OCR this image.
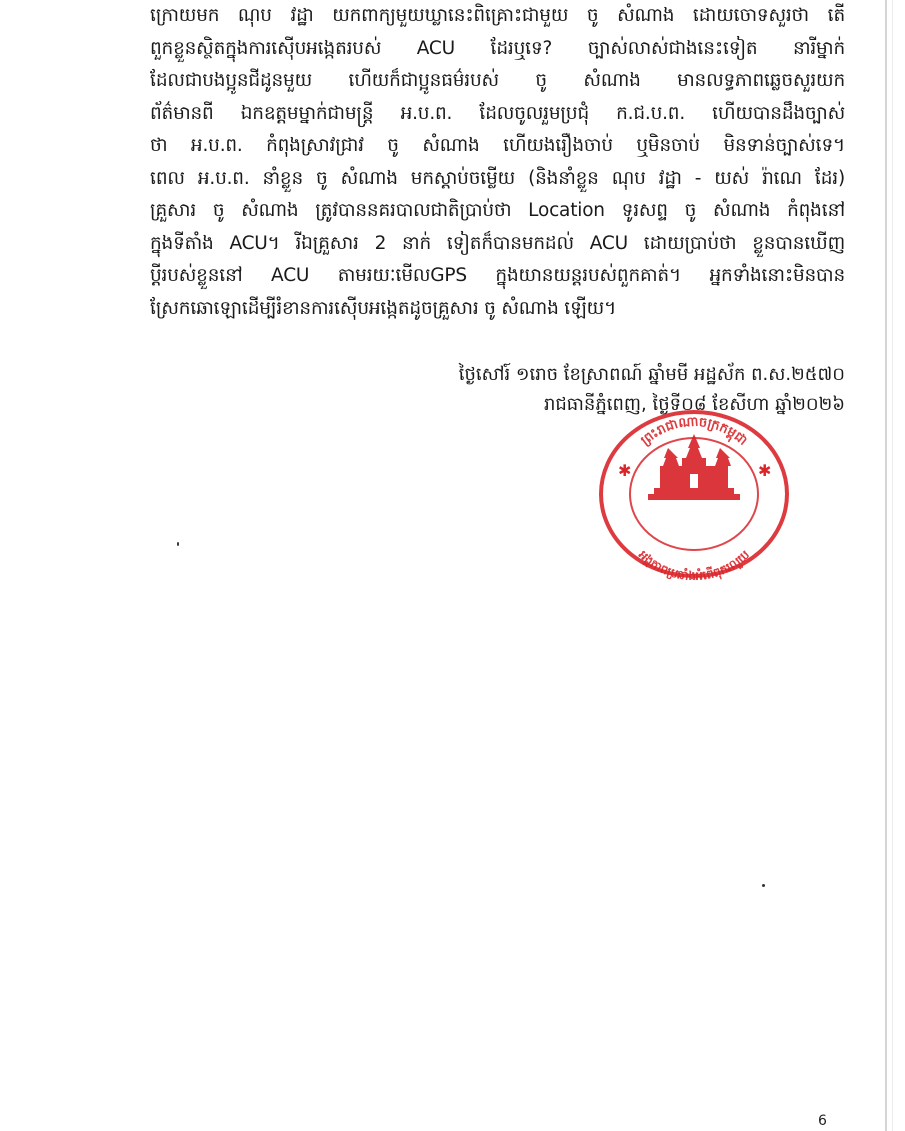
ក្រោយមក ណុប វដ្ឋា យកពាក្យមួយឃ្លានេះពិគ្រោះជាមួយ ចូ សំណាង ដោយចោទសួរថា តើ
ពួកខ្លួនស្ថិតក្នុងការស៊ើបអង្កេតរបស់ ACU ដែរឬទេ? ច្បាស់លាស់ជាងនេះទៀត នារីម្នាក់
ដែលជាបងប្អូនជីដូនមួយ ហើយក៏ជាប្អូនធម៌របស់ ចូ សំណាង មានលទ្ធភាពឆ្លេចសួរយក
ព័ត៌មានពី ឯកឧត្តមម្នាក់ជាមន្ត្រី អ.ប.ព. ដែលចូលរួមប្រជុំ ក.ជ.ប.ព. ហើយបានដឹងច្បាស់
ថា អ.ប.ព. កំពុងស្រាវជ្រាវ ចូ សំណាង ហើយងរឿងចាប់ ឬមិនចាប់ មិនទាន់ច្បាស់ទេ។
ពេល អ.ប.ព. នាំខ្លួន ចូ សំណាង មកស្តាប់ចម្លើយ (និងនាំខ្លួន ណុប វដ្ឋា - យស់ រ៉ាណេ ដែរ)
គ្រួសារ ចូ សំណាង ត្រូវបាននគរបាលជាតិប្រាប់ថា Location ទូរសព្ទ ចូ សំណាង កំពុងនៅ
ក្នុងទីតាំង ACU។ រីឯគ្រួសារ 2 នាក់ ទៀតក៏បានមកដល់ ACU ដោយប្រាប់ថា ខ្លួនបានឃើញ
ប្តីរបស់ខ្លួននៅ ACU តាមរយៈមើលGPS ក្នុងយានយន្តរបស់ពួកគាត់។ អ្នកទាំងនោះមិនបាន
ស្រែកឆោឡោដើម្បីរំខានការស៊ើបអង្កេតដូចគ្រួសារ ចូ សំណាង ឡើយ។
ថ្ងៃសៅរ៍ ១រោច ខែស្រាពណ៍ ឆ្នាំមមី អដ្ឋស័ក ព.ស.២៥៧០
រាជធានីភ្នំពេញ, ថ្ងៃទី០៨ ខែសីហា ឆ្នាំ២០២៦
ព្រះរាជាណាចក្រកម្ពុជា
អង្គភាពប្រឆាំងអំពើពុករលួយ
✱	✱
6
